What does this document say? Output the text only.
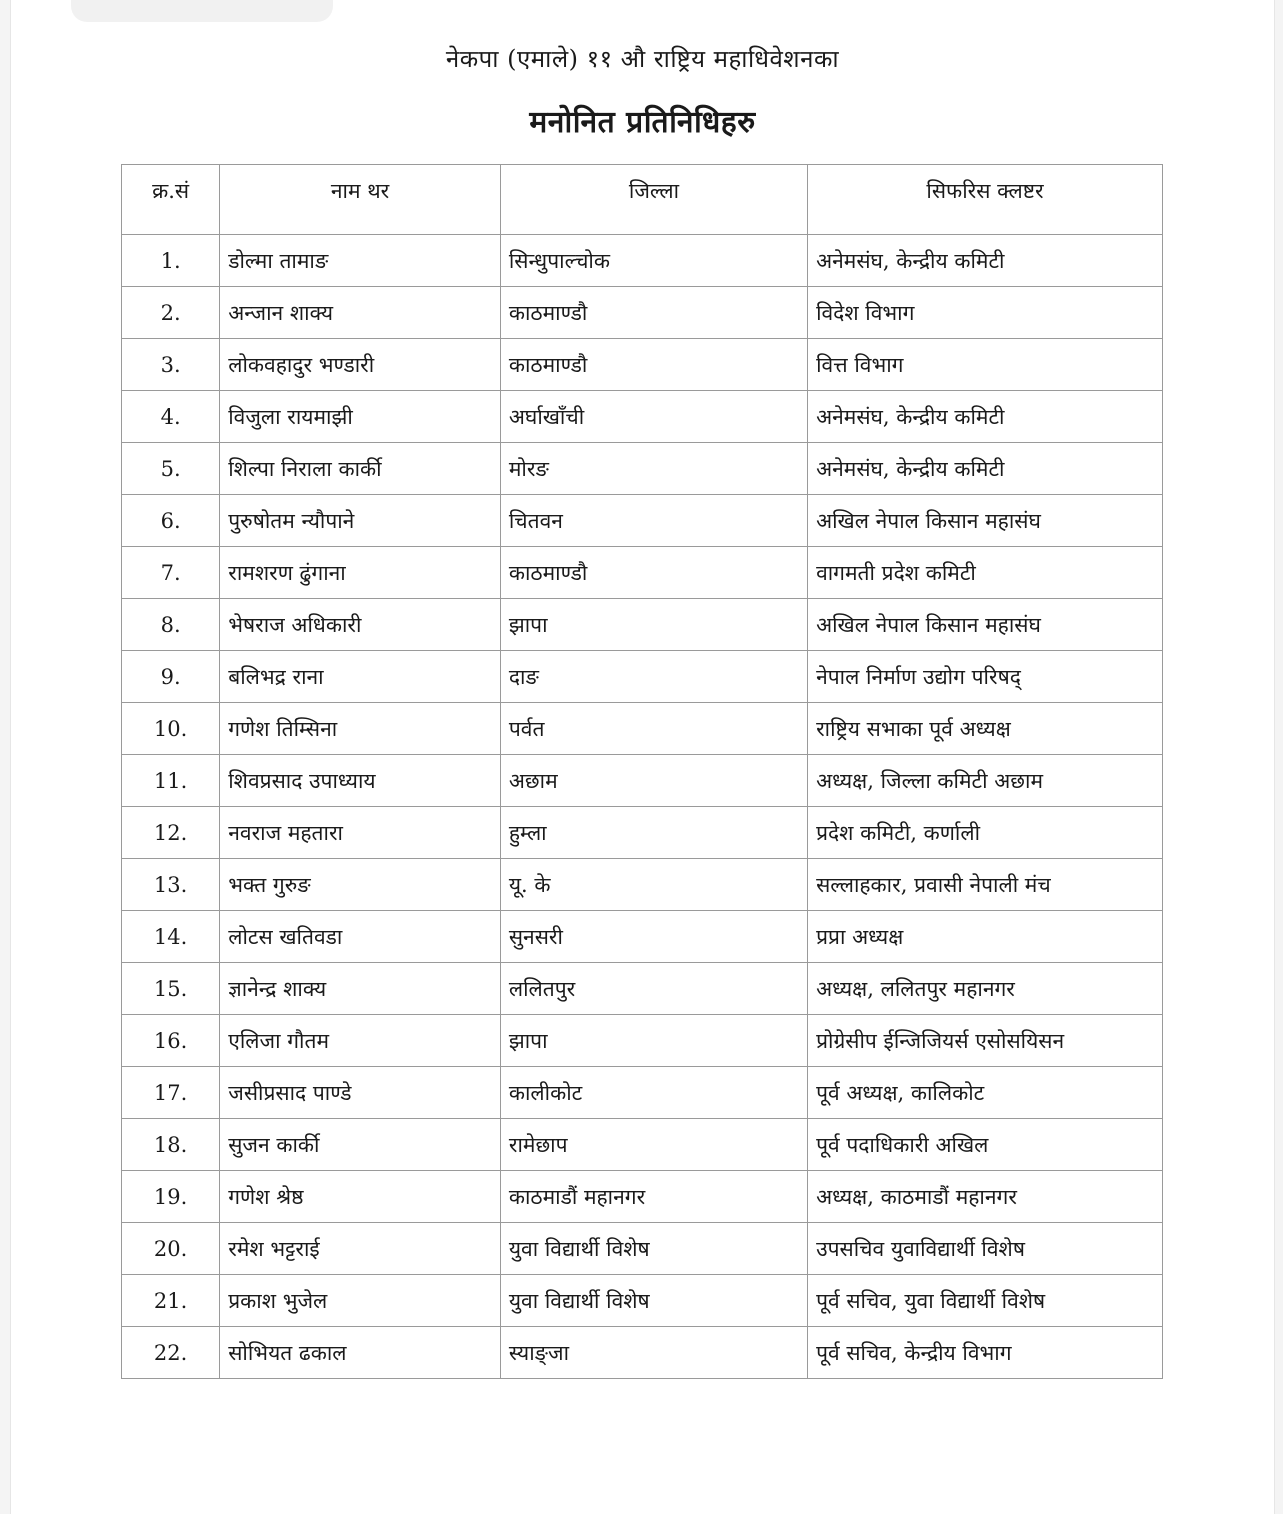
नेकपा (एमाले) ११ औ राष्ट्रिय महाधिवेशनका
मनोनित प्रतिनिधिहरु
क्र.सं	नाम थर	जिल्ला	सिफरिस क्लष्टर
1.	डोल्मा तामाङ	सिन्धुपाल्चोक	अनेमसंघ, केन्द्रीय कमिटी
2.	अन्जान शाक्य	काठमाण्डौ	विदेश विभाग
3.	लोकवहादुर भण्डारी	काठमाण्डौ	वित्त विभाग
4.	विजुला रायमाझी	अर्घाखाँची	अनेमसंघ, केन्द्रीय कमिटी
5.	शिल्पा निराला कार्की	मोरङ	अनेमसंघ, केन्द्रीय कमिटी
6.	पुरुषोतम न्यौपाने	चितवन	अखिल नेपाल किसान महासंघ
7.	रामशरण ढुंगाना	काठमाण्डौ	वागमती प्रदेश कमिटी
8.	भेषराज अधिकारी	झापा	अखिल नेपाल किसान महासंघ
9.	बलिभद्र राना	दाङ	नेपाल निर्माण उद्योग परिषद्
10.	गणेश तिम्सिना	पर्वत	राष्ट्रिय सभाका पूर्व अध्यक्ष
11.	शिवप्रसाद उपाध्याय	अछाम	अध्यक्ष, जिल्ला कमिटी अछाम
12.	नवराज महतारा	हुम्ला	प्रदेश कमिटी, कर्णाली
13.	भक्त गुरुङ	यू. के	सल्लाहकार, प्रवासी नेपाली मंच
14.	लोटस खतिवडा	सुनसरी	प्रप्रा अध्यक्ष
15.	ज्ञानेन्द्र शाक्य	ललितपुर	अध्यक्ष, ललितपुर महानगर
16.	एलिजा गौतम	झापा	प्रोग्रेसीप ईन्जिजियर्स एसोसयिसन
17.	जसीप्रसाद पाण्डे	कालीकोट	पूर्व अध्यक्ष, कालिकोट
18.	सुजन कार्की	रामेछाप	पूर्व पदाधिकारी अखिल
19.	गणेश श्रेष्ठ	काठमाडौं महानगर	अध्यक्ष, काठमाडौं महानगर
20.	रमेश भट्टराई	युवा विद्यार्थी विशेष	उपसचिव युवाविद्यार्थी विशेष
21.	प्रकाश भुजेल	युवा विद्यार्थी विशेष	पूर्व सचिव, युवा विद्यार्थी विशेष
22.	सोभियत ढकाल	स्याङ्जा	पूर्व सचिव, केन्द्रीय विभाग
